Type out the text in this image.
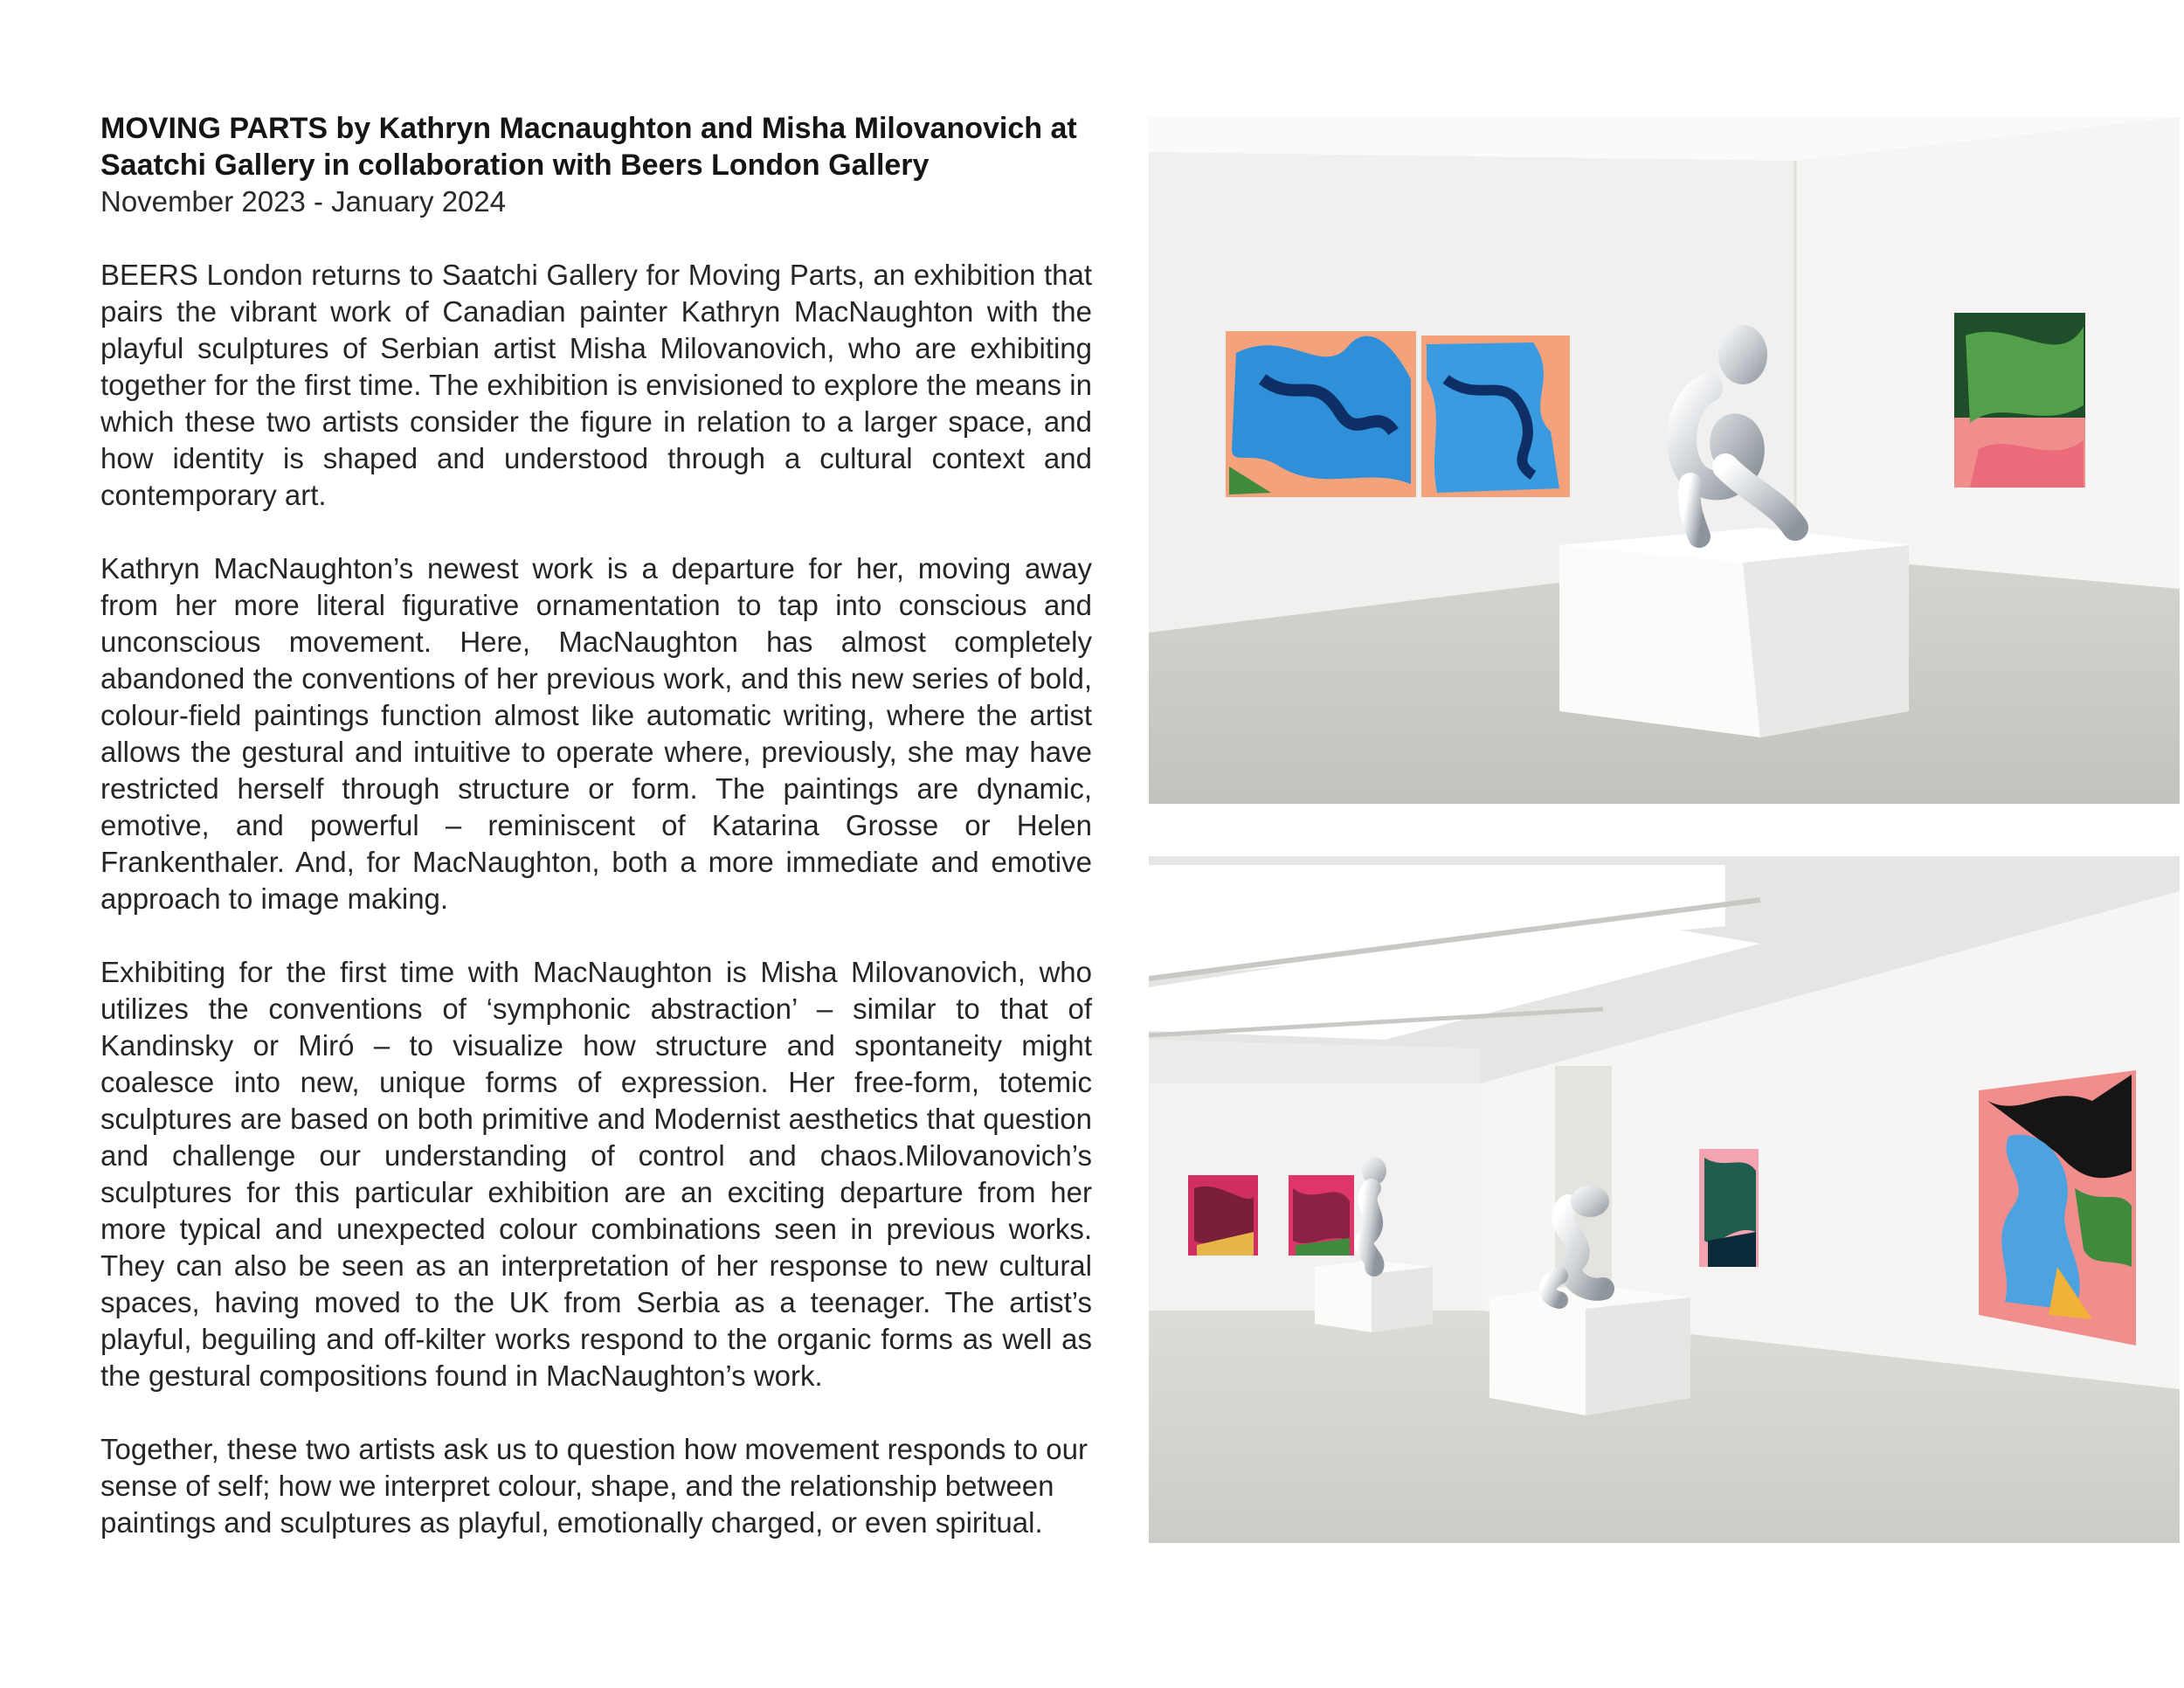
MOVING PARTS by Kathryn Macnaughton and Misha Milovanovich at Saatchi Gallery in collaboration with Beers London Gallery

November 2023 - January 2024

BEERS London returns to Saatchi Gallery for Moving Parts, an exhibition that pairs the vibrant work of Canadian painter Kathryn MacNaughton with the playful sculptures of Serbian artist Misha Milovanovich, who are exhibiting together for the first time. The exhibition is envisioned to explore the means in which these two artists consider the figure in relation to a larger space, and how identity is shaped and understood through a cultural context and contemporary art.

Kathryn MacNaughton’s newest work is a departure for her, moving away from her more literal figurative ornamentation to tap into conscious and unconscious movement. Here, MacNaughton has almost completely abandoned the conventions of her previous work, and this new series of bold, colour-field paintings function almost like automatic writing, where the artist allows the gestural and intuitive to operate where, previously, she may have restricted herself through structure or form. The paintings are dynamic, emotive, and powerful – reminiscent of Katarina Grosse or Helen Frankenthaler. And, for MacNaughton, both a more immediate and emotive approach to image making.

Exhibiting for the first time with MacNaughton is Misha Milovanovich, who utilizes the conventions of ‘symphonic abstraction’ – similar to that of Kandinsky or Miró – to visualize how structure and spontaneity might coalesce into new, unique forms of expression. Her free-form, totemic sculptures are based on both primitive and Modernist aesthetics that question and challenge our understanding of control and chaos.Milovanovich’s sculptures for this particular exhibition are an exciting departure from her more typical and unexpected colour combinations seen in previous works. They can also be seen as an interpretation of her response to new cultural spaces, having moved to the UK from Serbia as a teenager. The artist’s playful, beguiling and off-kilter works respond to the organic forms as well as the gestural compositions found in MacNaughton’s work.

Together, these two artists ask us to question how movement responds to our sense of self; how we interpret colour, shape, and the relationship between paintings and sculptures as playful, emotionally charged, or even spiritual.
